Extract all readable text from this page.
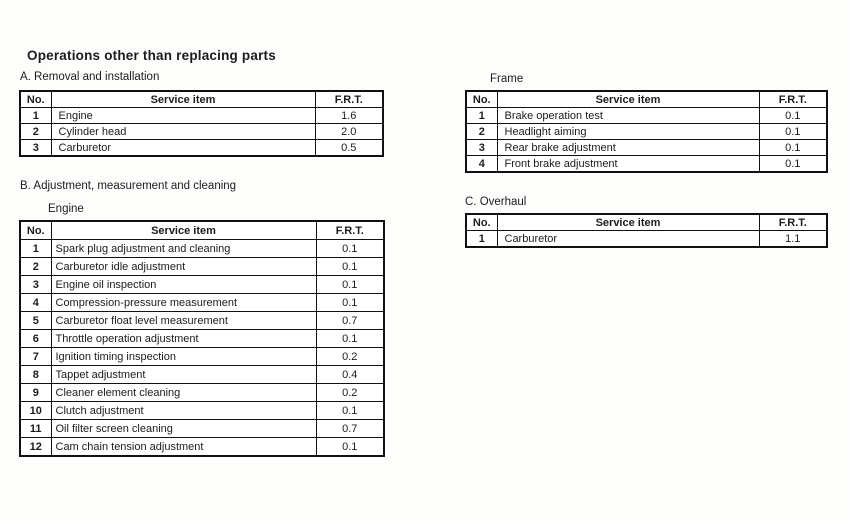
Operations other than replacing parts
A. Removal and installation
No.	Service item	F.R.T.
1	Engine	1.6
2	Cylinder head	2.0
3	Carburetor	0.5
Frame
No.	Service item	F.R.T.
1	Brake operation test	0.1
2	Headlight aiming	0.1
3	Rear brake adjustment	0.1
4	Front brake adjustment	0.1
B. Adjustment, measurement and cleaning
Engine
No.	Service item	F.R.T.
1	Spark plug adjustment and cleaning	0.1
2	Carburetor idle adjustment	0.1
3	Engine oil inspection	0.1
4	Compression-pressure measurement	0.1
5	Carburetor float level measurement	0.7
6	Throttle operation adjustment	0.1
7	Ignition timing inspection	0.2
8	Tappet adjustment	0.4
9	Cleaner element cleaning	0.2
10	Clutch adjustment	0.1
11	Oil filter screen cleaning	0.7
12	Cam chain tension adjustment	0.1
C. Overhaul
No.	Service item	F.R.T.
1	Carburetor	1.1
